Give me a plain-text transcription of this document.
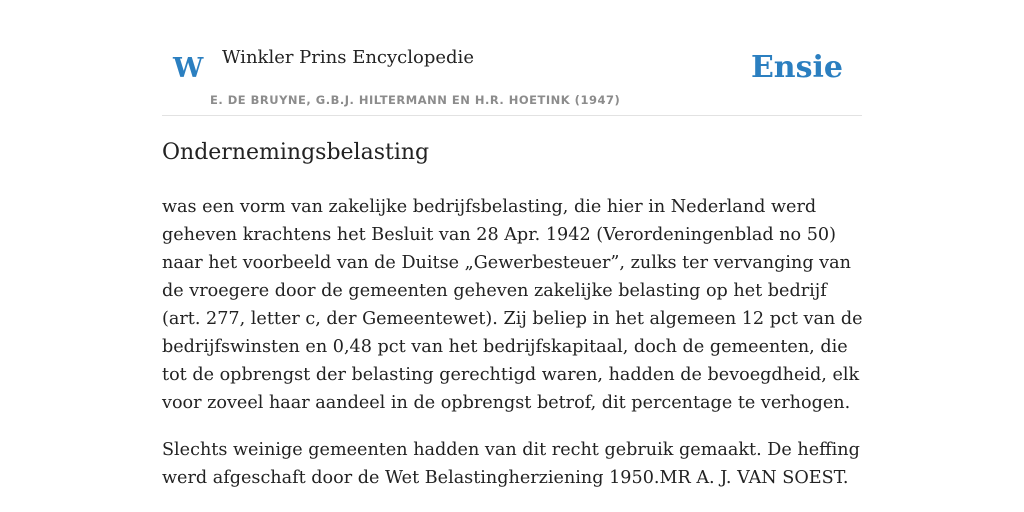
W Winkler Prins Encyclopedie
E. DE BRUYNE, G.B.J. HILTERMANN EN H.R. HOETINK (1947)
Ensie
Ondernemingsbelasting

was een vorm van zakelijke bedrijfsbelasting, die hier in Nederland werd geheven krachtens het Besluit van 28 Apr. 1942 (Verordeningenblad no 50) naar het voorbeeld van de Duitse „Gewerbesteuer”, zulks ter vervanging van de vroegere door de gemeenten geheven zakelijke belasting op het bedrijf (art. 277, letter c, der Gemeentewet). Zij beliep in het algemeen 12 pct van de bedrijfswinsten en 0,48 pct van het bedrijfskapitaal, doch de gemeenten, die tot de opbrengst der belasting gerechtigd waren, hadden de bevoegdheid, elk voor zoveel haar aandeel in de opbrengst betrof, dit percentage te verhogen.

Slechts weinige gemeenten hadden van dit recht gebruik gemaakt. De heffing werd afgeschaft door de Wet Belastingherziening 1950.MR A. J. VAN SOEST.
